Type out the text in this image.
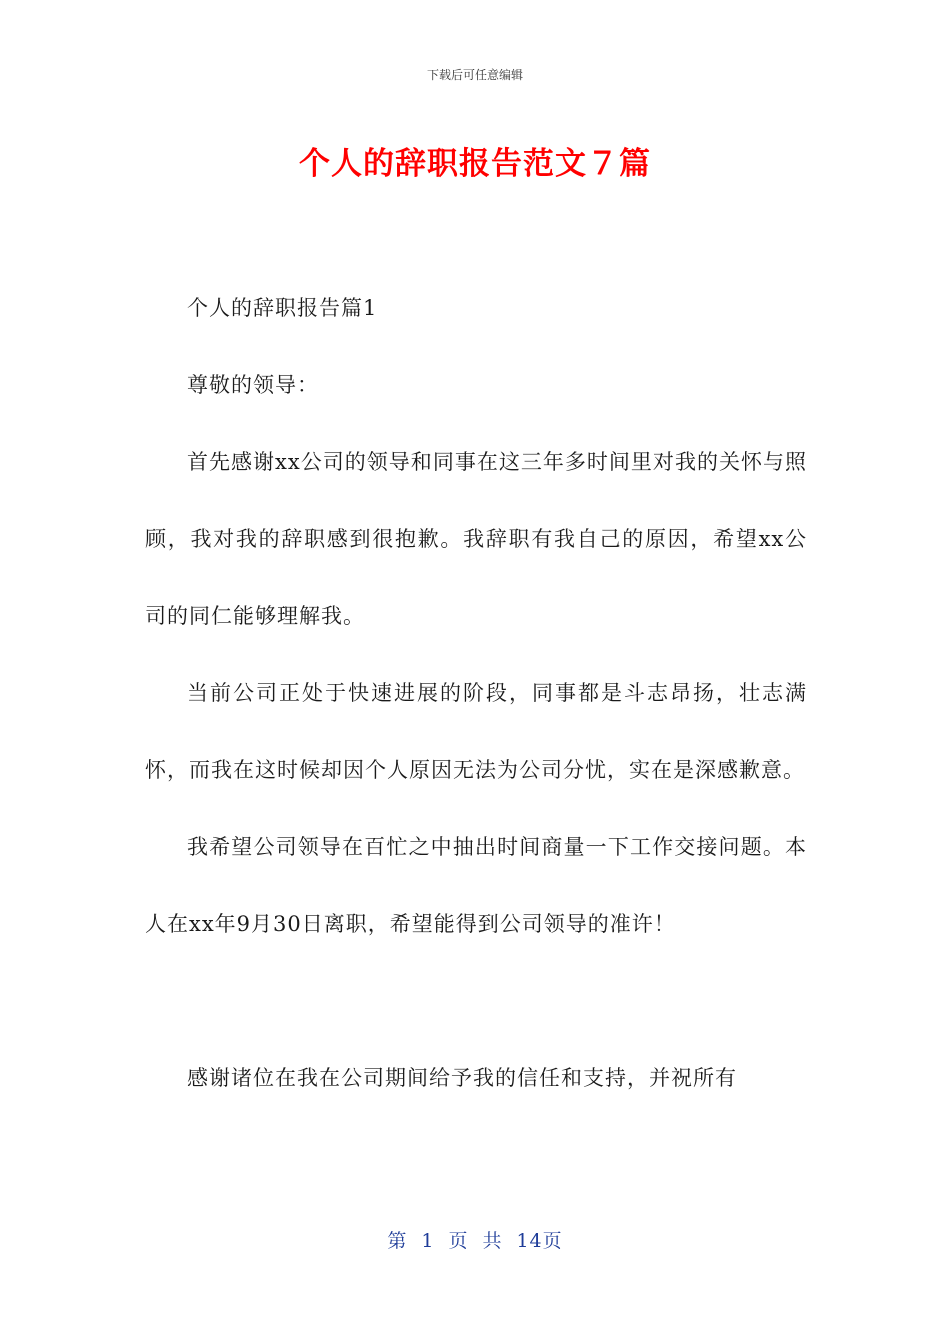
下载后可任意编辑
个人的辞职报告范文７篇

个人的辞职报告篇1

尊敬的领导：

首先感谢xx公司的领导和同事在这三年多时间里对我的关怀与照顾，我对我的辞职感到很抱歉。我辞职有我自己的原因，希望xx公司的同仁能够理解我。

当前公司正处于快速进展的阶段，同事都是斗志昂扬，壮志满怀，而我在这时候却因个人原因无法为公司分忧，实在是深感歉意。

我希望公司领导在百忙之中抽出时间商量一下工作交接问题。本人在xx年9月30日离职，希望能得到公司领导的准许！

感谢诸位在我在公司期间给予我的信任和支持，并祝所有

第 1 页 共 14页
